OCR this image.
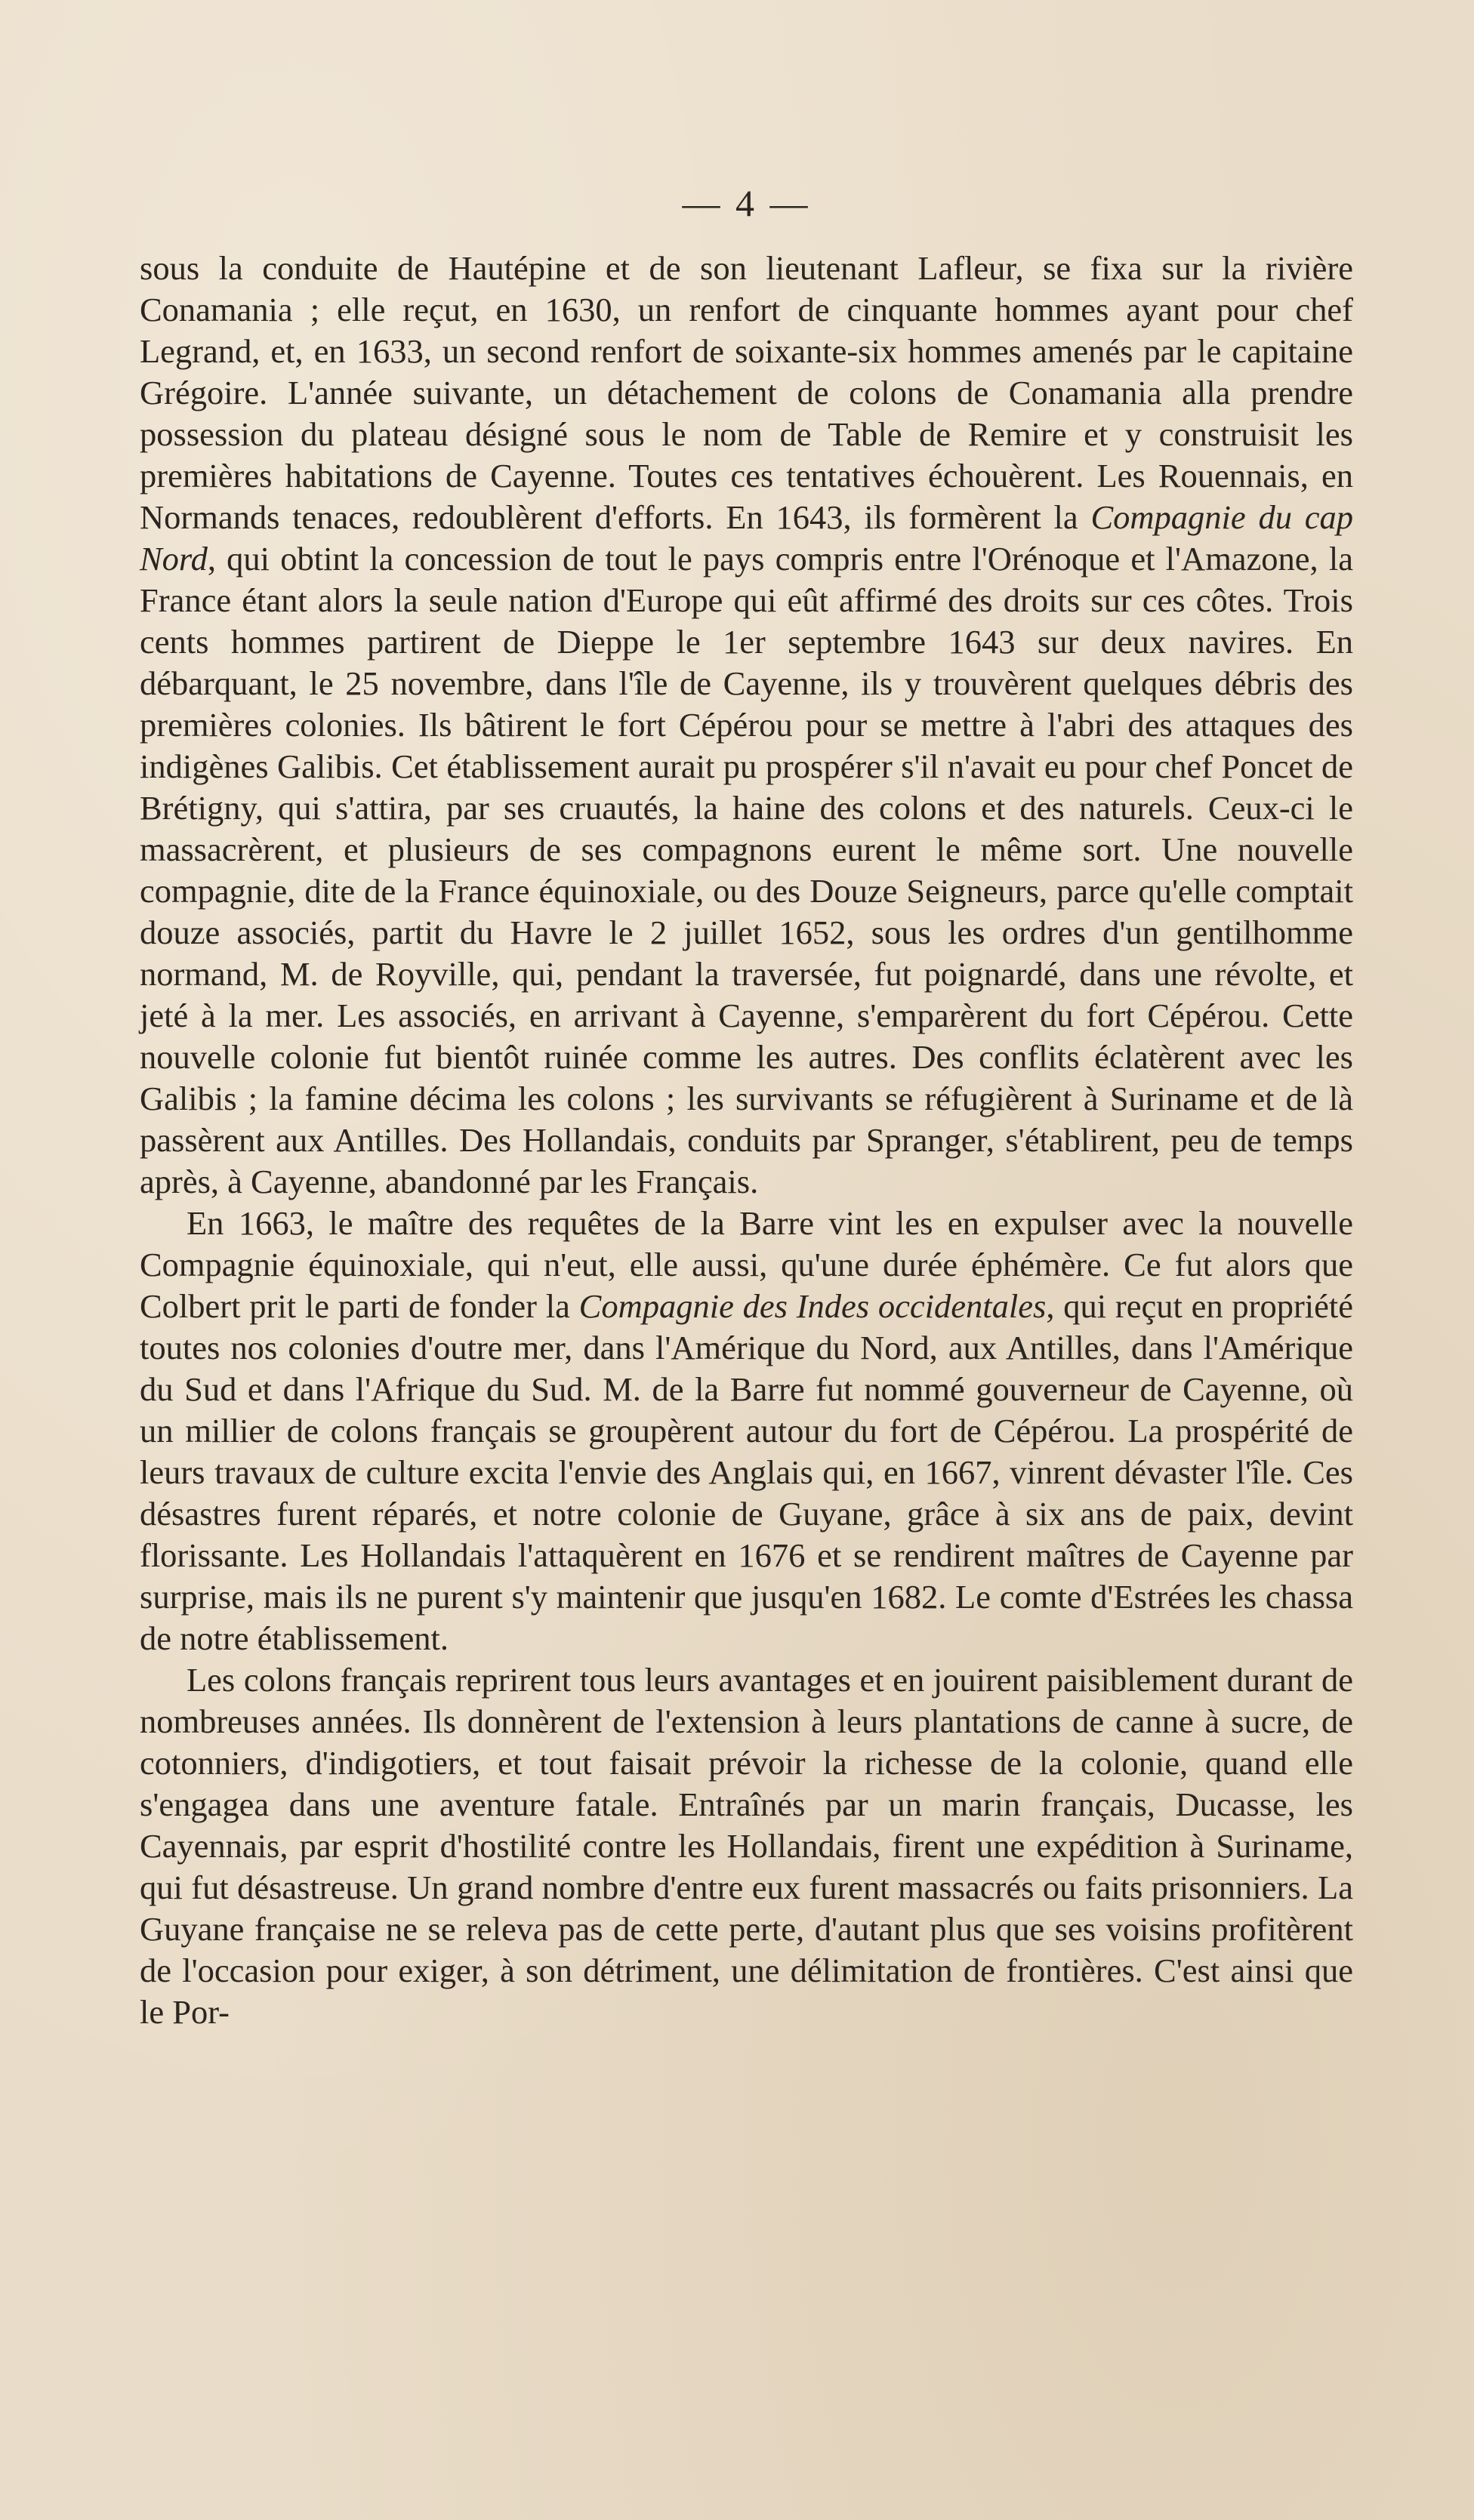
— 4 —

sous la conduite de Hautépine et de son lieutenant Lafleur, se fixa sur la rivière Conamania ; elle reçut, en 1630, un renfort de cinquante hommes ayant pour chef Legrand, et, en 1633, un second renfort de soixante-six hommes amenés par le capitaine Grégoire. L'année suivante, un détachement de colons de Conamania alla prendre possession du plateau désigné sous le nom de Table de Remire et y construisit les premières habitations de Cayenne. Toutes ces tentatives échouèrent. Les Rouennais, en Normands tenaces, redoublèrent d'efforts. En 1643, ils formèrent la Compagnie du cap Nord, qui obtint la concession de tout le pays compris entre l'Orénoque et l'Amazone, la France étant alors la seule nation d'Europe qui eût affirmé des droits sur ces côtes. Trois cents hommes partirent de Dieppe le 1er septembre 1643 sur deux navires. En débarquant, le 25 novembre, dans l'île de Cayenne, ils y trouvèrent quelques débris des premières colonies. Ils bâtirent le fort Cépérou pour se mettre à l'abri des attaques des indigènes Galibis. Cet établissement aurait pu prospérer s'il n'avait eu pour chef Poncet de Brétigny, qui s'attira, par ses cruautés, la haine des colons et des naturels. Ceux-ci le massacrèrent, et plusieurs de ses compagnons eurent le même sort. Une nouvelle compagnie, dite de la France équinoxiale, ou des Douze Seigneurs, parce qu'elle comptait douze associés, partit du Havre le 2 juillet 1652, sous les ordres d'un gentilhomme normand, M. de Royville, qui, pendant la traversée, fut poignardé, dans une révolte, et jeté à la mer. Les associés, en arrivant à Cayenne, s'emparèrent du fort Cépérou. Cette nouvelle colonie fut bientôt ruinée comme les autres. Des conflits éclatèrent avec les Galibis ; la famine décima les colons ; les survivants se réfugièrent à Suriname et de là passèrent aux Antilles. Des Hollandais, conduits par Spranger, s'établirent, peu de temps après, à Cayenne, abandonné par les Français.

En 1663, le maître des requêtes de la Barre vint les en expulser avec la nouvelle Compagnie équinoxiale, qui n'eut, elle aussi, qu'une durée éphémère. Ce fut alors que Colbert prit le parti de fonder la Compagnie des Indes occidentales, qui reçut en propriété toutes nos colonies d'outre mer, dans l'Amérique du Nord, aux Antilles, dans l'Amérique du Sud et dans l'Afrique du Sud. M. de la Barre fut nommé gouverneur de Cayenne, où un millier de colons français se groupèrent autour du fort de Cépérou. La prospérité de leurs travaux de culture excita l'envie des Anglais qui, en 1667, vinrent dévaster l'île. Ces désastres furent réparés, et notre colonie de Guyane, grâce à six ans de paix, devint florissante. Les Hollandais l'attaquèrent en 1676 et se rendirent maîtres de Cayenne par surprise, mais ils ne purent s'y maintenir que jusqu'en 1682. Le comte d'Estrées les chassa de notre établissement.

Les colons français reprirent tous leurs avantages et en jouirent paisiblement durant de nombreuses années. Ils donnèrent de l'extension à leurs plantations de canne à sucre, de cotonniers, d'indigotiers, et tout faisait prévoir la richesse de la colonie, quand elle s'engagea dans une aventure fatale. Entraînés par un marin français, Ducasse, les Cayennais, par esprit d'hostilité contre les Hollandais, firent une expédition à Suriname, qui fut désastreuse. Un grand nombre d'entre eux furent massacrés ou faits prisonniers. La Guyane française ne se releva pas de cette perte, d'autant plus que ses voisins profitèrent de l'occasion pour exiger, à son détriment, une délimitation de frontières. C'est ainsi que le Por-
